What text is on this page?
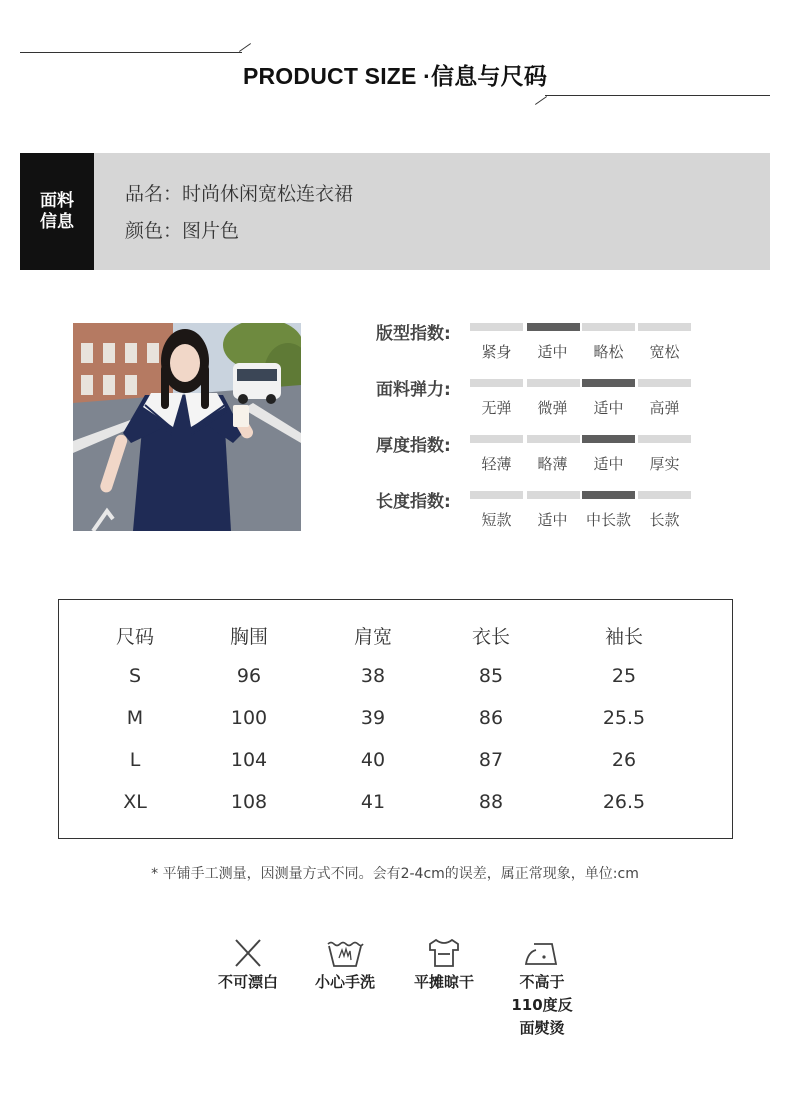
PRODUCT SIZE ·信息与尺码
面料
信息
品名：时尚休闲宽松连衣裙
颜色：图片色
版型指数:
紧身	适中	略松	宽松
面料弹力:
无弹	微弹	适中	高弹
厚度指数:
轻薄	略薄	适中	厚实
长度指数:
短款	适中	中长款	长款
尺码	胸围	肩宽	衣长	袖长
S	96	38	85	25
M	100	39	86	25.5
L	104	40	87	26
XL	108	41	88	26.5
* 平铺手工测量，因测量方式不同。会有2-4cm的误差，属正常现象，单位:cm
不可漂白	小心手洗	平摊晾干	不高于
110度反
面熨烫
